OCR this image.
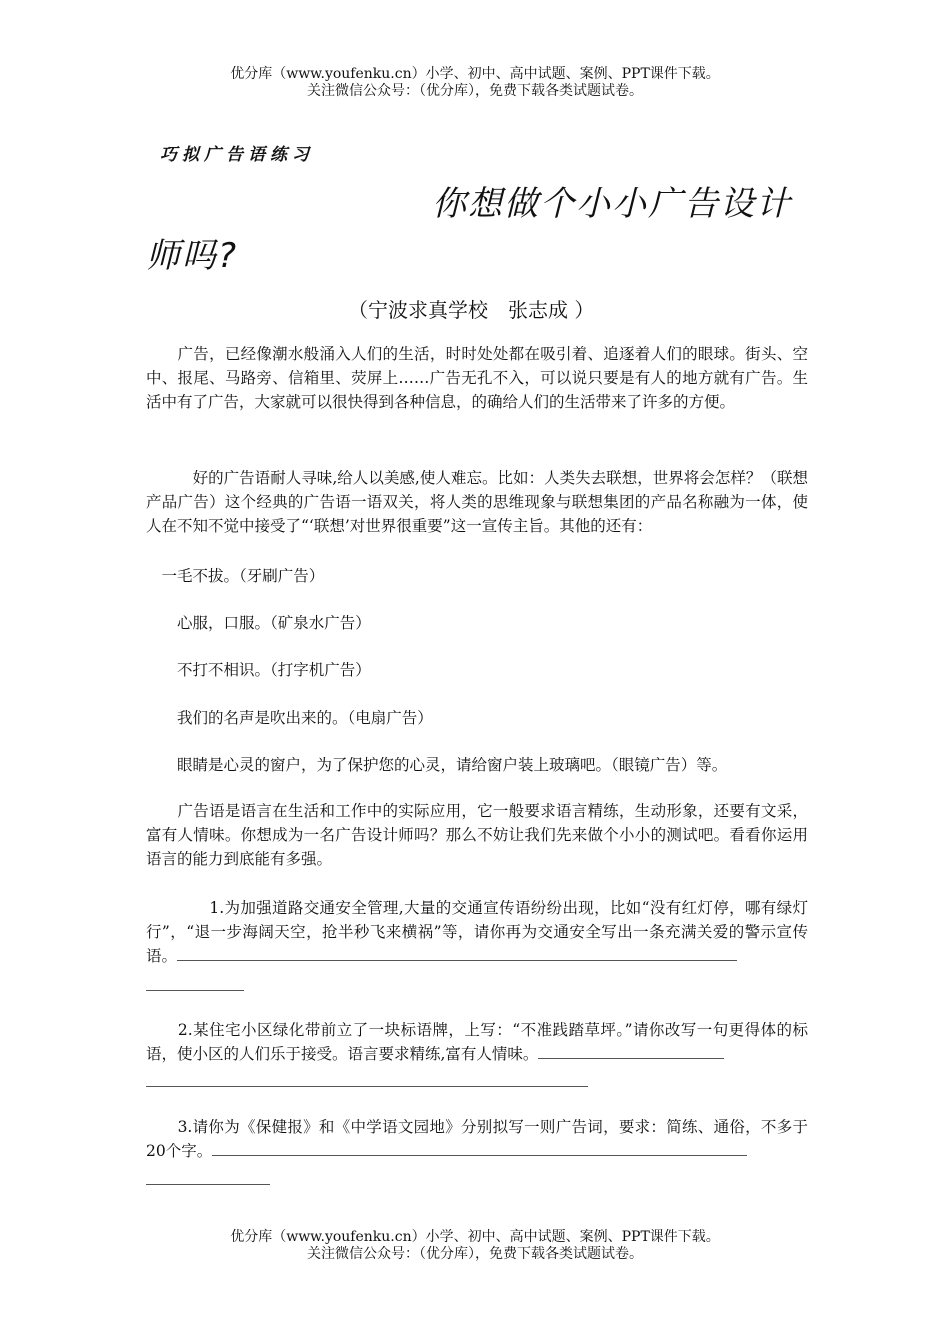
优分库（www.youfenku.cn）小学、初中、高中试题、案例、PPT课件下载。
关注微信公众号：（优分库），免费下载各类试题试卷。
巧拟广告语练习
你想做个小小广告设计
师吗?
（宁波求真学校　张志成 ）
　　广告，已经像潮水般涌入人们的生活，时时处处都在吸引着、追逐着人们的眼球。街头、空中、报尾、马路旁、信箱里、荧屏上……广告无孔不入，可以说只要是有人的地方就有广告。生活中有了广告，大家就可以很快得到各种信息，的确给人们的生活带来了许多的方便。
　　　好的广告语耐人寻味,给人以美感,使人难忘。比如：人类失去联想，世界将会怎样？（联想产品广告）这个经典的广告语一语双关，将人类的思维现象与联想集团的产品名称融为一体，使人在不知不觉中接受了“‘联想’对世界很重要”这一宣传主旨。其他的还有：
　一毛不拔。（牙刷广告）
　　心服，口服。（矿泉水广告）
　　不打不相识。（打字机广告）
　　我们的名声是吹出来的。（电扇广告）
　　眼睛是心灵的窗户，为了保护您的心灵，请给窗户装上玻璃吧。（眼镜广告）等。
　　广告语是语言在生活和工作中的实际应用，它一般要求语言精练，生动形象，还要有文采，富有人情味。你想成为一名广告设计师吗？那么不妨让我们先来做个小小的测试吧。看看你运用语言的能力到底能有多强。
　　　　1.为加强道路交通安全管理,大量的交通宣传语纷纷出现，比如“没有红灯停，哪有绿灯行”，“退一步海阔天空，抢半秒飞来横祸”等，请你再为交通安全写出一条充满关爱的警示宣传语。
　　2.某住宅小区绿化带前立了一块标语牌，上写：“不准践踏草坪。”请你改写一句更得体的标语，使小区的人们乐于接受。语言要求精练,富有人情味。
　　3.请你为《保健报》和《中学语文园地》分别拟写一则广告词，要求：简练、通俗，不多于20个字。
优分库（www.youfenku.cn）小学、初中、高中试题、案例、PPT课件下载。
关注微信公众号：（优分库），免费下载各类试题试卷。
